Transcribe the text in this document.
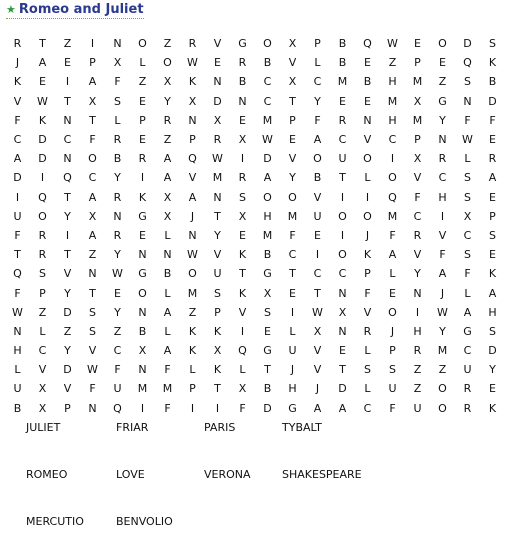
★ Romeo and Juliet
R	T	Z	I	N	O	Z	R	V	G	O	X	P	B	Q	W	E	O	D	S
J	A	E	P	X	L	O	W	E	R	B	V	L	B	E	Z	P	E	Q	K
K	E	I	A	F	Z	X	K	N	B	C	X	C	M	B	H	M	Z	S	B
V	W	T	X	S	E	Y	X	D	N	C	T	Y	E	E	M	X	G	N	D
F	K	N	T	L	P	R	N	X	E	M	P	F	R	N	H	M	Y	F	F
C	D	C	F	R	E	Z	P	R	X	W	E	A	C	V	C	P	N	W	E
A	D	N	O	B	R	A	Q	W	I	D	V	O	U	O	I	X	R	L	R
D	I	Q	C	Y	I	A	V	M	R	A	Y	B	T	L	O	V	C	S	A
I	Q	T	A	R	K	X	A	N	S	O	O	V	I	I	Q	F	H	S	E
U	O	Y	X	N	G	X	J	T	X	H	M	U	O	O	M	C	I	X	P
F	R	I	A	R	E	L	N	Y	E	M	F	E	I	J	F	R	V	C	S
T	R	T	Z	Y	N	N	W	V	K	B	C	I	O	K	A	V	F	S	E
Q	S	V	N	W	G	B	O	U	T	G	T	C	C	P	L	Y	A	F	K
F	P	Y	T	E	O	L	M	S	K	X	E	T	N	F	E	N	J	L	A
W	Z	D	S	Y	N	A	Z	P	V	S	I	W	X	V	O	I	W	A	H
N	L	Z	S	Z	B	L	K	K	I	E	L	X	N	R	J	H	Y	G	S
H	C	Y	V	C	X	A	K	X	Q	G	U	V	E	L	P	R	M	C	D
L	V	D	W	F	N	F	L	K	L	T	J	V	T	S	S	Z	Z	U	Y
U	X	V	F	U	M	M	P	T	X	B	H	J	D	L	U	Z	O	R	E
B	X	P	N	Q	I	F	I	I	F	D	G	A	A	C	F	U	O	R	K
JULIET	FRIAR	PARIS	TYBALT
ROMEO	LOVE	VERONA	SHAKESPEARE
MERCUTIO	BENVOLIO
